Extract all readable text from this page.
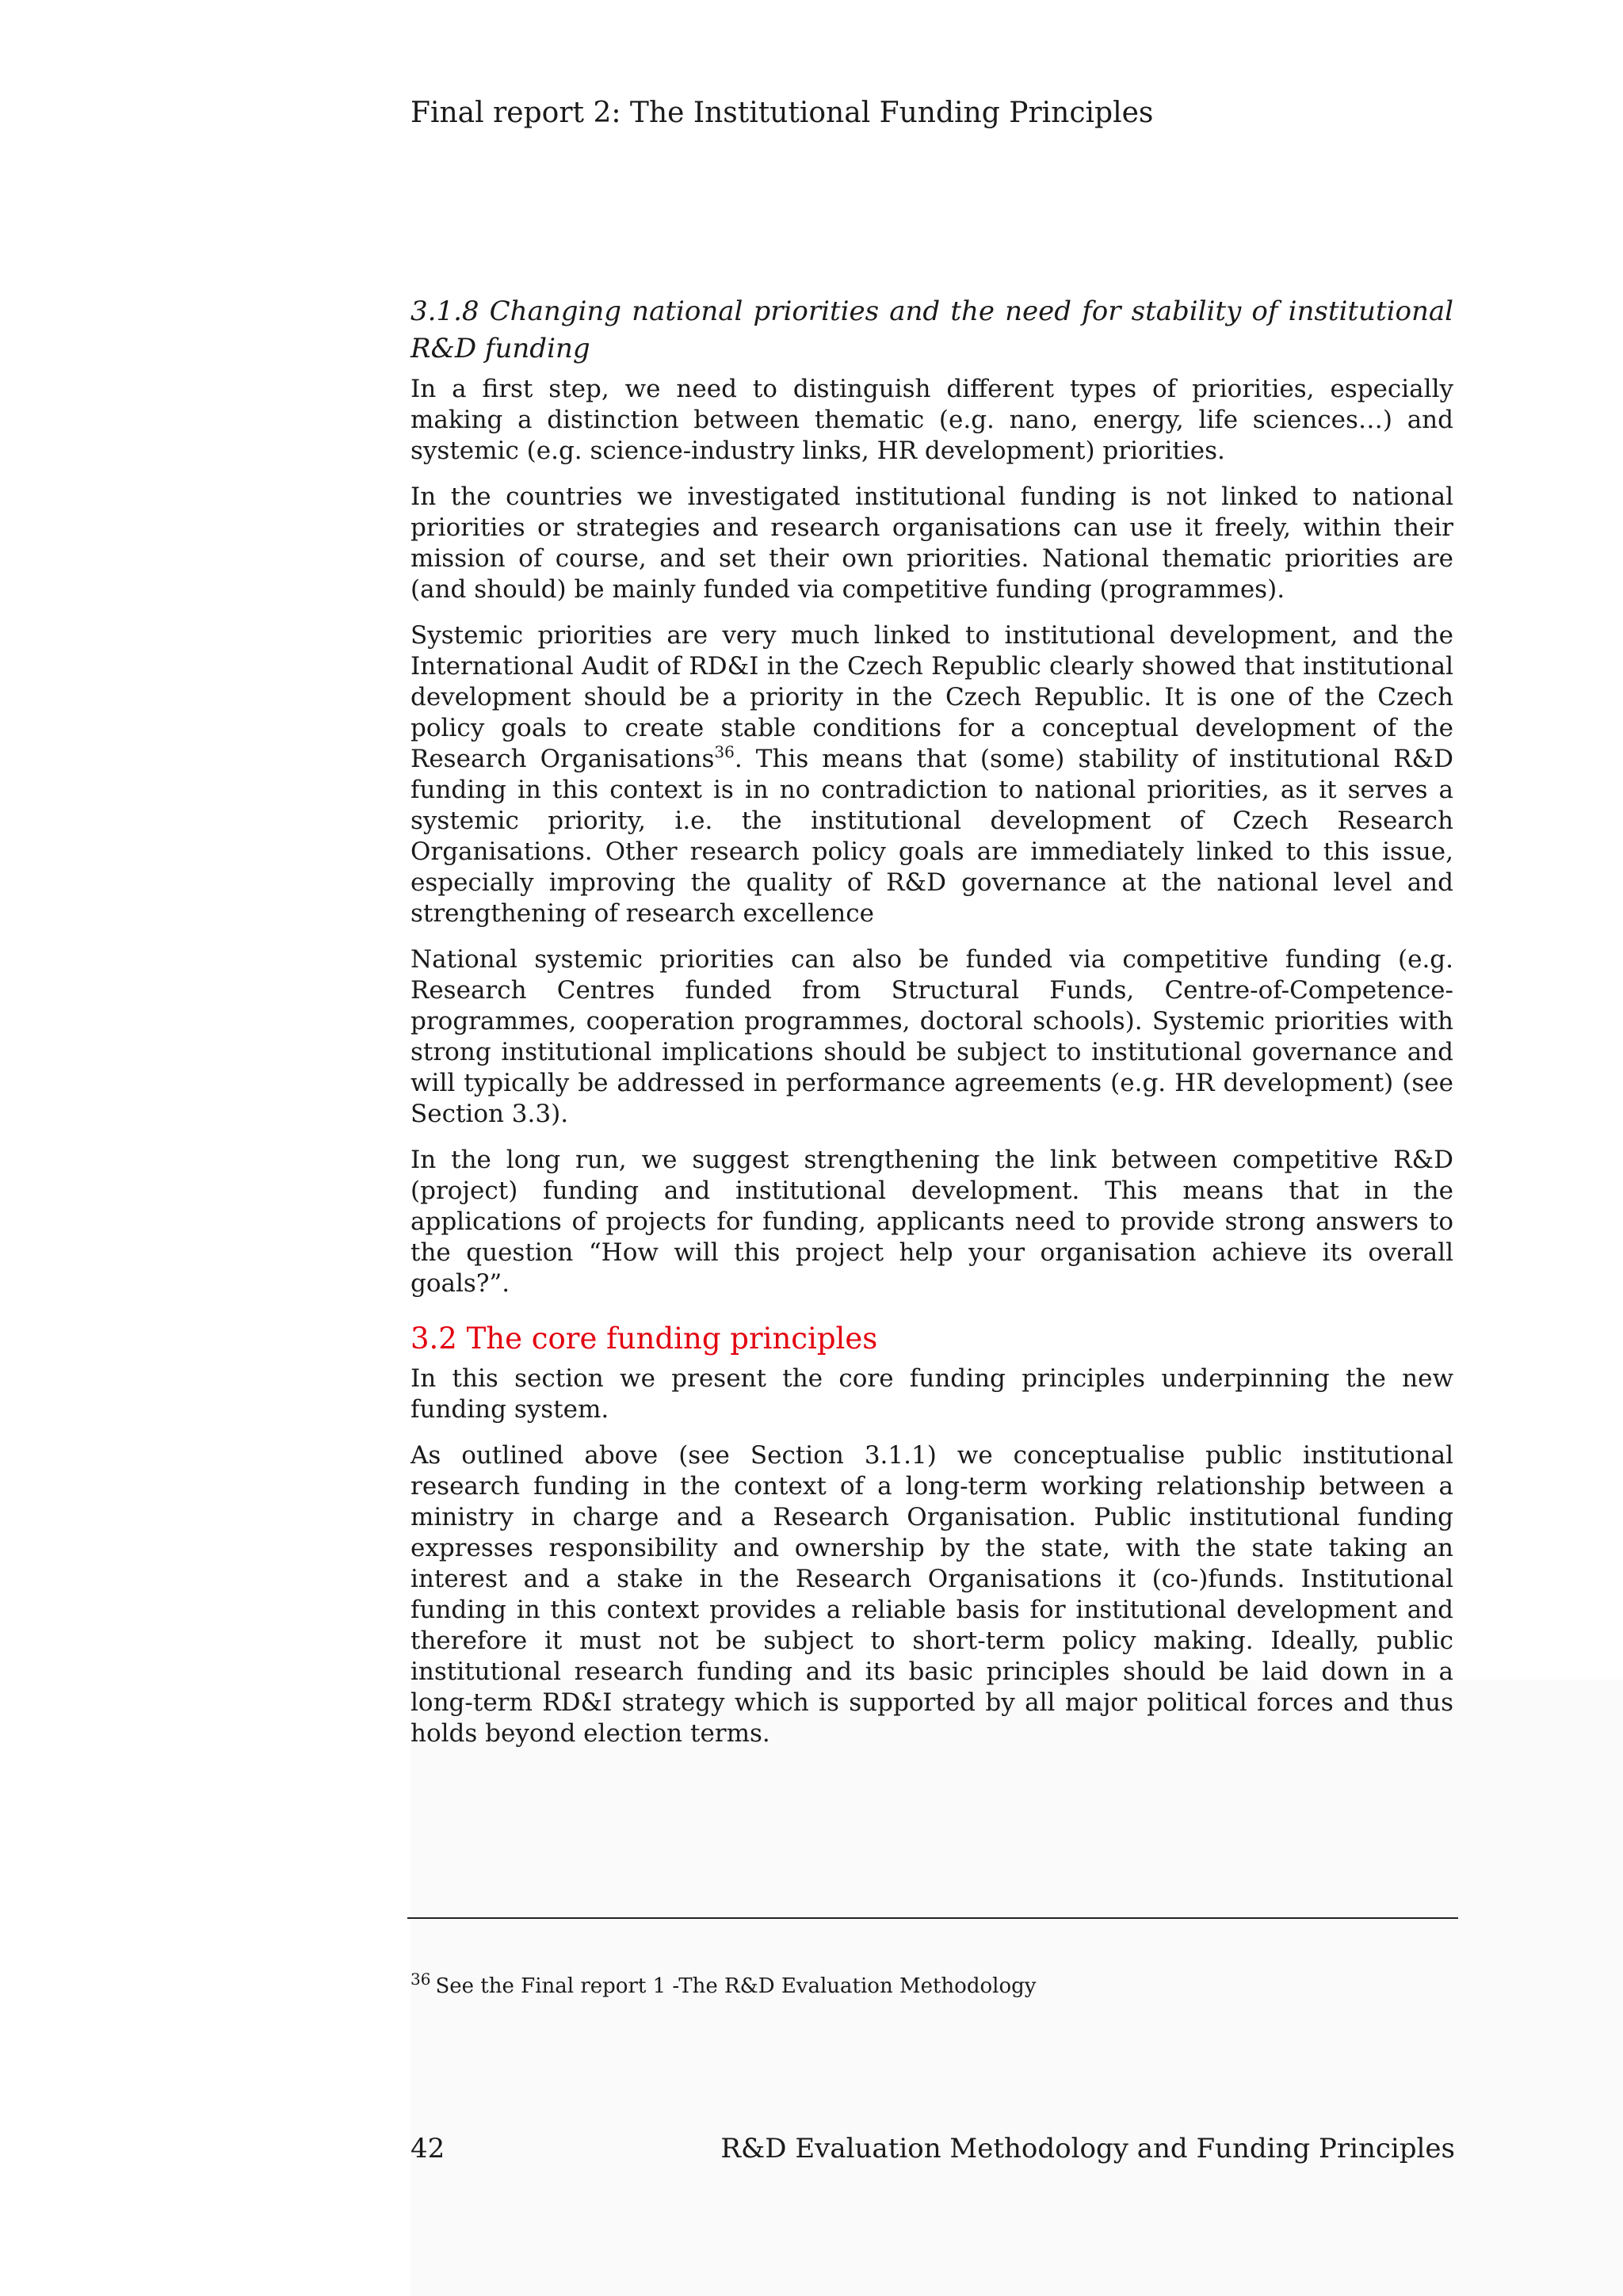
Final report 2: The Institutional Funding Principles
3.1.8 Changing national priorities and the need for stability of institutional R&D funding

In a first step, we need to distinguish different types of priorities, especially making a distinction between thematic (e.g. nano, energy, life sciences…) and systemic (e.g. science-industry links, HR development) priorities.

In the countries we investigated institutional funding is not linked to national priorities or strategies and research organisations can use it freely, within their mission of course, and set their own priorities. National thematic priorities are (and should) be mainly funded via competitive funding (programmes).

Systemic priorities are very much linked to institutional development, and the International Audit of RD&I in the Czech Republic clearly showed that institutional development should be a priority in the Czech Republic. It is one of the Czech policy goals to create stable conditions for a conceptual development of the Research Organisations$^{36}$. This means that (some) stability of institutional R&D funding in this context is in no contradiction to national priorities, as it serves a systemic priority, i.e. the institutional development of Czech Research Organisations. Other research policy goals are immediately linked to this issue, especially improving the quality of R&D governance at the national level and strengthening of research excellence

National systemic priorities can also be funded via competitive funding (e.g. Research Centres funded from Structural Funds, Centre-of-Competence-programmes, cooperation programmes, doctoral schools). Systemic priorities with strong institutional implications should be subject to institutional governance and will typically be addressed in performance agreements (e.g. HR development) (see Section 3.3).

In the long run, we suggest strengthening the link between competitive R&D (project) funding and institutional development. This means that in the applications of projects for funding, applicants need to provide strong answers to the question “How will this project help your organisation achieve its overall goals?”.

3.2 The core funding principles

In this section we present the core funding principles underpinning the new funding system.

As outlined above (see Section 3.1.1) we conceptualise public institutional research funding in the context of a long-term working relationship between a ministry in charge and a Research Organisation. Public institutional funding expresses responsibility and ownership by the state, with the state taking an interest and a stake in the Research Organisations it (co-)funds. Institutional funding in this context provides a reliable basis for institutional development and therefore it must not be subject to short-term policy making. Ideally, public institutional research funding and its basic principles should be laid down in a long-term RD&I strategy which is supported by all major political forces and thus holds beyond election terms.

$^{36}$ See the Final report 1 -The R&D Evaluation Methodology
42	R&D Evaluation Methodology and Funding Principles
